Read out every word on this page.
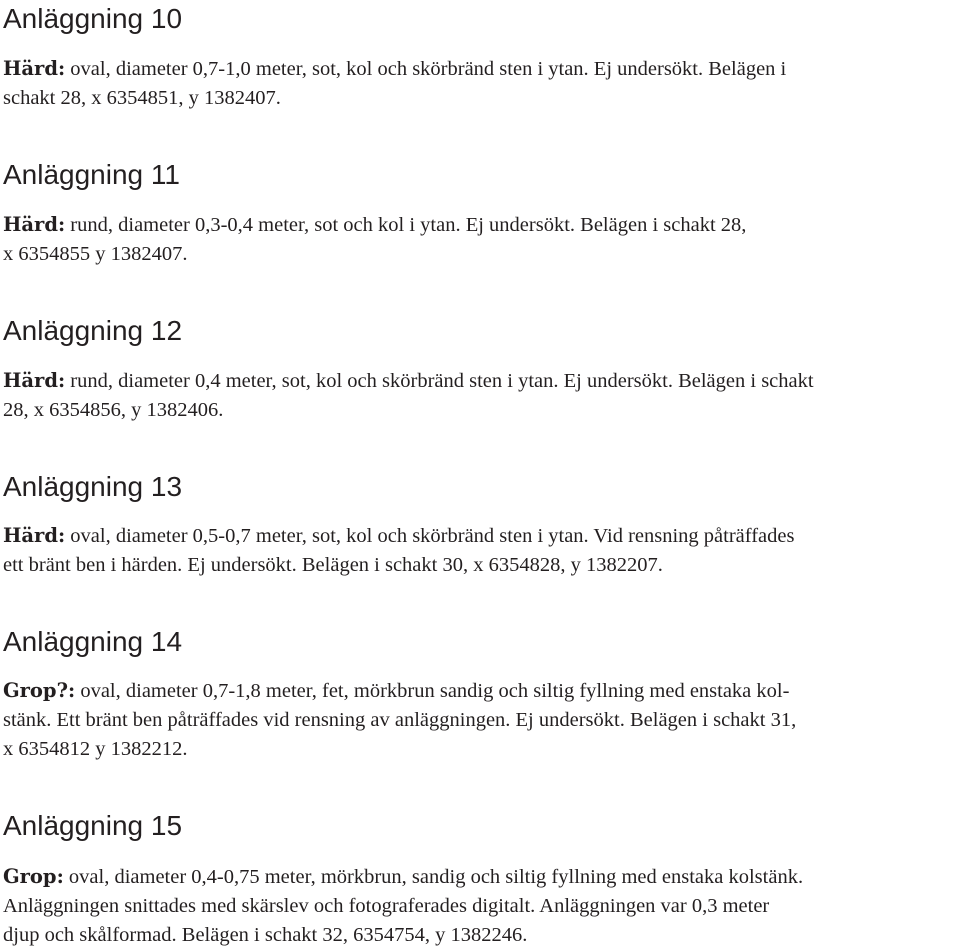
Anläggning 10

Härd: oval, diameter 0,7-1,0 meter, sot, kol och skörbränd sten i ytan. Ej undersökt. Belägen i
schakt 28, x 6354851, y 1382407.

Anläggning 11

Härd: rund, diameter 0,3-0,4 meter, sot och kol i ytan. Ej undersökt. Belägen i schakt 28,
x 6354855 y 1382407.

Anläggning 12

Härd: rund, diameter 0,4 meter, sot, kol och skörbränd sten i ytan. Ej undersökt. Belägen i schakt
28, x 6354856, y 1382406.

Anläggning 13

Härd: oval, diameter 0,5-0,7 meter, sot, kol och skörbränd sten i ytan. Vid rensning påträffades
ett bränt ben i härden. Ej undersökt. Belägen i schakt 30, x 6354828, y 1382207.

Anläggning 14

Grop?: oval, diameter 0,7-1,8 meter, fet, mörkbrun sandig och siltig fyllning med enstaka kol-
stänk. Ett bränt ben påträffades vid rensning av anläggningen. Ej undersökt. Belägen i schakt 31,
x 6354812 y 1382212.

Anläggning 15

Grop: oval, diameter 0,4-0,75 meter, mörkbrun, sandig och siltig fyllning med enstaka kolstänk.
Anläggningen snittades med skärslev och fotograferades digitalt. Anläggningen var 0,3 meter
djup och skålformad. Belägen i schakt 32, 6354754, y 1382246.
